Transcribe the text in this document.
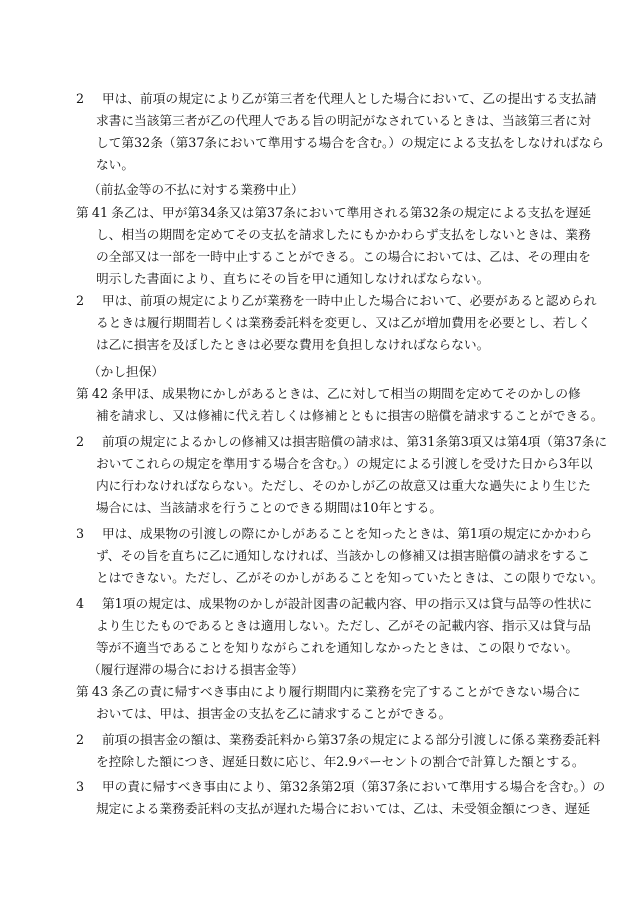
2 甲は、前項の規定により乙が第三者を代理人とした場合において、乙の提出する支払請
求書に当該第三者が乙の代理人である旨の明記がなされているときは、当該第三者に対
して第32条（第37条において準用する場合を含む。）の規定による支払をしなければなら
ない。
（前払金等の不払に対する業務中止）
第41条乙は、甲が第34条又は第37条において準用される第32条の規定による支払を遅延
し、相当の期間を定めてその支払を請求したにもかかわらず支払をしないときは、業務
の全部又は一部を一時中止することができる。この場合においては、乙は、その理由を
明示した書面により、直ちにその旨を甲に通知しなければならない。
2 甲は、前項の規定により乙が業務を一時中止した場合において、必要があると認められ
るときは履行期間若しくは業務委託料を変更し、又は乙が増加費用を必要とし、若しく
は乙に損害を及ぼしたときは必要な費用を負担しなければならない。
（かし担保）
第42条甲ほ、成果物にかしがあるときは、乙に対して相当の期間を定めてそのかしの修
補を請求し、又は修補に代え若しくは修補とともに損害の賠償を請求することができる。
2 前項の規定によるかしの修補又は損害賠償の請求は、第31条第3項又は第4項（第37条に
おいてこれらの規定を準用する場合を含む。）の規定による引渡しを受けた日から3年以
内に行わなければならない。ただし、そのかしが乙の故意又は重大な過失により生じた
場合には、当該請求を行うことのできる期間は10年とする。
3 甲は、成果物の引渡しの際にかしがあることを知ったときは、第1項の規定にかかわら
ず、その旨を直ちに乙に通知しなければ、当該かしの修補又は損害賠償の請求をするこ
とはできない。ただし、乙がそのかしがあることを知っていたときは、この限りでない。
4 第1項の規定は、成果物のかしが設計図書の記載内容、甲の指示又は貸与品等の性状に
より生じたものであるときは適用しない。ただし、乙がその記載内容、指示又は貸与品
等が不適当であることを知りながらこれを通知しなかったときは、この限りでない。
（履行遅滞の場合における損害金等）
第43条乙の責に帰すべき事由により履行期間内に業務を完了することができない場合に
おいては、甲は、損害金の支払を乙に請求することができる。
2 前項の損害金の額は、業務委託料から第37条の規定による部分引渡しに係る業務委託料
を控除した額につき、遅延日数に応じ、年2.9パーセントの割合で計算した額とする。
3 甲の責に帰すべき事由により、第32条第2項（第37条において準用する場合を含む。）の
規定による業務委託料の支払が遅れた場合においては、乙は、未受領金額につき、遅延
